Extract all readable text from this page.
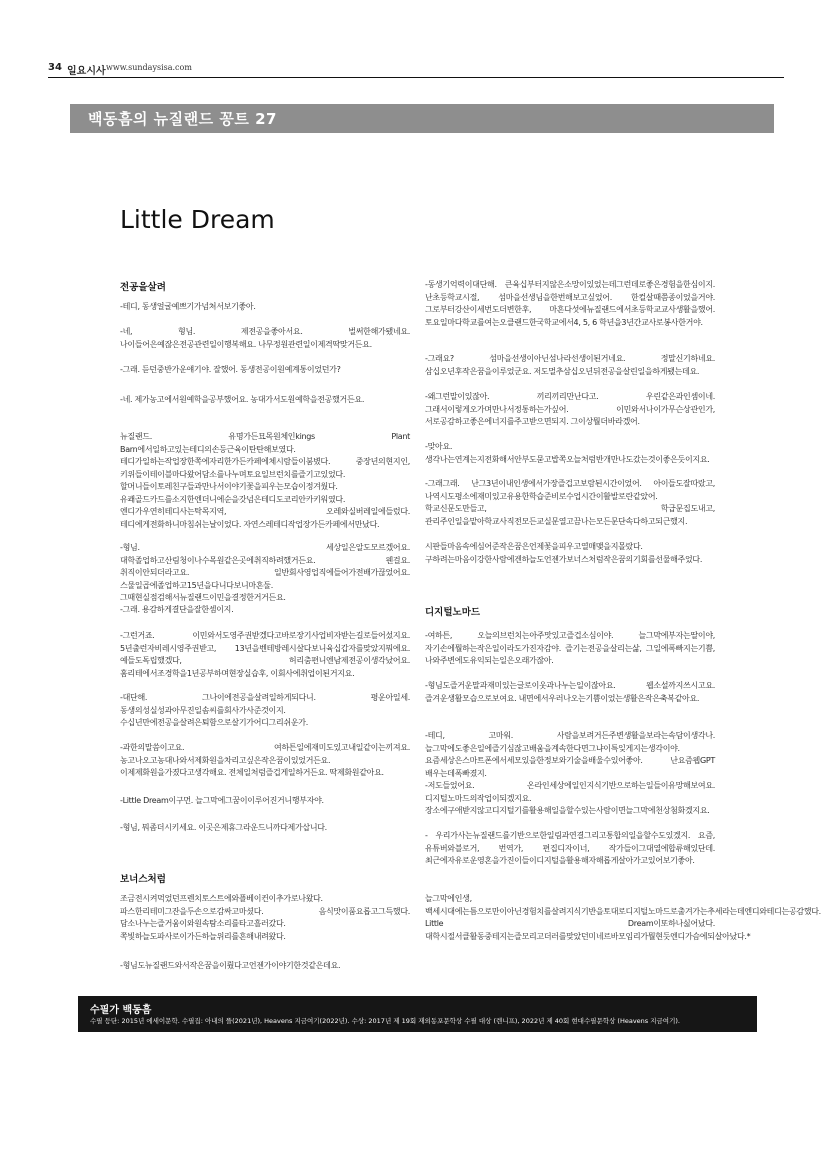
34 일요시사 www.sundaysisa.com
백동흠의 뉴질랜드 꽁트 27
Little Dream

전공을살려

-테디, 동생얼굴예쁘기가넘쳐서보기좋아.

-네, 형님. 제전공을좋아서요. 벌써한해가됐네요. 나이들어은예잖은전공관련일이행복해요. 나무정원관련일이제격딱맞거든요.

-그래. 듣던중반가운얘기야. 잘했어. 동생전공이원예계통이었던가?

-네. 제가농고에서원예학을공부했어요. 농대가서도원예학을전공했거든요.

뉴질랜드. 유명가든묘목원체인kings Plant Barn에서일하고있는테디의손등근육이탄탄해보였다. 테디가일하는작업장한쪽에자리한가든카페에체시람들이붐볐다. 중장년의현지인, 키위들이테이블마다왔어담소를나누며토요일브런치를즐기고있었다. 할머니들이토레친구들과만나서이야기꽃을피우는모습이정겨웠다. 유쾌골드카드를소지한엔더니에순을갓넘은테디도코리안카키워였다. 엔디가우연히테디사는탁목지역, 오레와실버레일에들렀다. 테디에게전화하니마침쉬는날이었다. 자연스레테디작업장가든카페에서만났다.

-형님. 세상일은알도모르겠어요. 대학졸업하고산림청이나수목원같은곳에취직하려했거든요. 웬걸요. 취직이안되더라고요. 일반회사영업직에들어가전배가끊었어요. 스물일곱에졸업하고15년을다니다보니마흔둘. 그때현실점검해서뉴질랜드이민을결정한거거든요.

-그래. 용감하게결단을잘한셈이지.

-그런거죠. 이민와서도영주권받겠다고바로장기사업비자받는길로들어섰지요. 5년출런자비레시영주권받고, 13년을벤테방레시살다보니육십갑자를맞았지뭐에요. 예들도독립했겠다, 허리춤편니엔남제전공이생각났어요. 홈리테에서조경학을1년공부하며현장실습후, 이회사에취업이된거지요.

-대단해. 그나이에전공을살려일하게되다니. 평운아일세. 동생의성실성과아무진일솜씨를회사가사준것이지. 수십년만에전공을살려은퇴함으로살기가어디그리쉬운가.

-과한의말씀이고요. 여하튼일에재미도있고내일같이는끼져요. 농고나오고농대나와서제화원을차리고싶은작은꿈이있었거든요. 이제제화원을가졌다고생각해요. 전체일처럼즐겁게일하거든요. 딱제화원같아요.

-Little Dream이구먼. 늘그막에그꿈이이루어진거니행부자야.

-형님, 뭐좀더시키세요. 이곳은제휴그라운드니까다제가삽니다.

보너스처럼

조금전시켜먹었던프렌치토스트에와플베이컨이추가로나왔다. 파스한리테미그잔을두손으로감싸고마셨다. 음식맛이품요롭고그득했다. 담소나누는즐거움이와원속탐소리를타고흘러갔다. 쪽빛하늘도파사로이가든하늘위리를흔해내려왔다.

-형님도뉴질랜드와서작은꿈을이뤘다고언젠가이야기한것같은데요.

-동생기억력이대단해. 큰육십부터지않은소망이있었는데그런데로좋은경험을한심이지. 난초등학교시절, 섬마을선생님을한번해보고싶었어. 한컬살때쯤종이었을거야. 그로부터강산이세번도더변한후, 마흔다섯에뉴질랜드에서초등학교교사생활을했어. 토요일마다학교를여는오클랜드한국학교에서4, 5, 6 학년을3년간교사로봉사한거야.

-그래요? 섬마을선생이아닌섬나라선생이된거네요. 정말신기하네요. 삼십오년후작은꿈을이루었군요. 저도멀추삼십오년뒤전공을살린일을하게됐는데요.

-왜그런말이있잖아. 끼리끼리만난다고. 우린같은과인셈이네. 그래서이렇게오가며만나서정통하는가싶어. 이민와서나이가무슨상관인가, 서로공감하고좋은에너지를주고받으면되지. 그이상뭘더바라겠어.

-맞아요. 생각나는연계는지전화해서안부도묻고밥쪽오늘처럼반개만나도갔는것이좋은듯이지요.

-그래그래. 난그3년이내인생에서가장즐겁고보람된시간이었어. 아이들도잘따랐고, 나역시도평소에재미있고유용한학습준비로수업시간이활발로란같았어. 학교신문도만들고, 학급문집도내고, 관리주인일을맡아학교사직전모든교실문열고끔나는모든문단속다하고되근했지.

시판들마음속에심어준작은꿈은언제꽃을피우고열매맺을지몰랐다. 구하려는마음이강한사람에겐하늘도언젠가보너스처럼작은꿈의기회를선물해주었다.

디지털노마드

-여하튼, 오늘의브런치는아주맛있고즐겁소심이야. 늘그막에부자는딸이야, 자기손에뭘하는작은일이라도가진자감야. 즐기는전공을살리는삶, 그일에폭빠지는기쁨, 나와주변에도유익되는일은오래가잖아.

-형님도즐거운말과재미있는글로이웃과나누는일이잖아요. 웹소설까지쓰시고요. 즐겨운생활모습으로보여요. 내면에서우러나오는기쁨이었는생활은작은축복같아요.

-테디, 고마워. 사람을보려거든주변생활을보라는속담이생각나. 늘그막에도좋은일에즐기심잖고배움을계속한다면그냐이특잊게지는생각이야. 요즘세상은스마트폰에서세모있을한정보와기술을배울수있어좋아. 난요즘웹GPT 배우는데폭빠졌지.

-저도들었어요. 온라인세상에일인지식기반으로하는일들이유망해보여요. 디지털노마드의작업이되겠지요. 장소에구애받지않고디지털기를활용해일을할수있는사람이면늘그막에천상첨화겠지요.

- 우리가사는뉴질랜드를기반으로한일림과연결그리고통합의일을할수도있겠지. 요즘, 유튜버와블로거, 번역가, 편집디자이너, 작가들이그대열에합류해있단데. 최근에자유로운영혼을가진이들이디지털을활용해자해롭게살아가고있어보기좋아.

늘그막에인생, 백세시대에는틈으로만이아닌경험치를살려지식기반을토대로디지털노마드로출겨가는추세라는데엔디와테디는공감했다. Little Dream이또하나싫어났다. 대학시절서클활동중테지는즐모리고더러를맞았던미네르바모임리가뭘현듯엔디가슴에되살아났다.*

수필가 백동흠
수필 등단: 2015년 에세이문학. 수필집: 아내의 뜰(2021년), Heavens 지금여기(2022년). 수상: 2017년 제 19회 재외동포문학상 수필 대상 (렌니프), 2022년 제 40회 현대수필문학상 (Heavens 지금여기).
